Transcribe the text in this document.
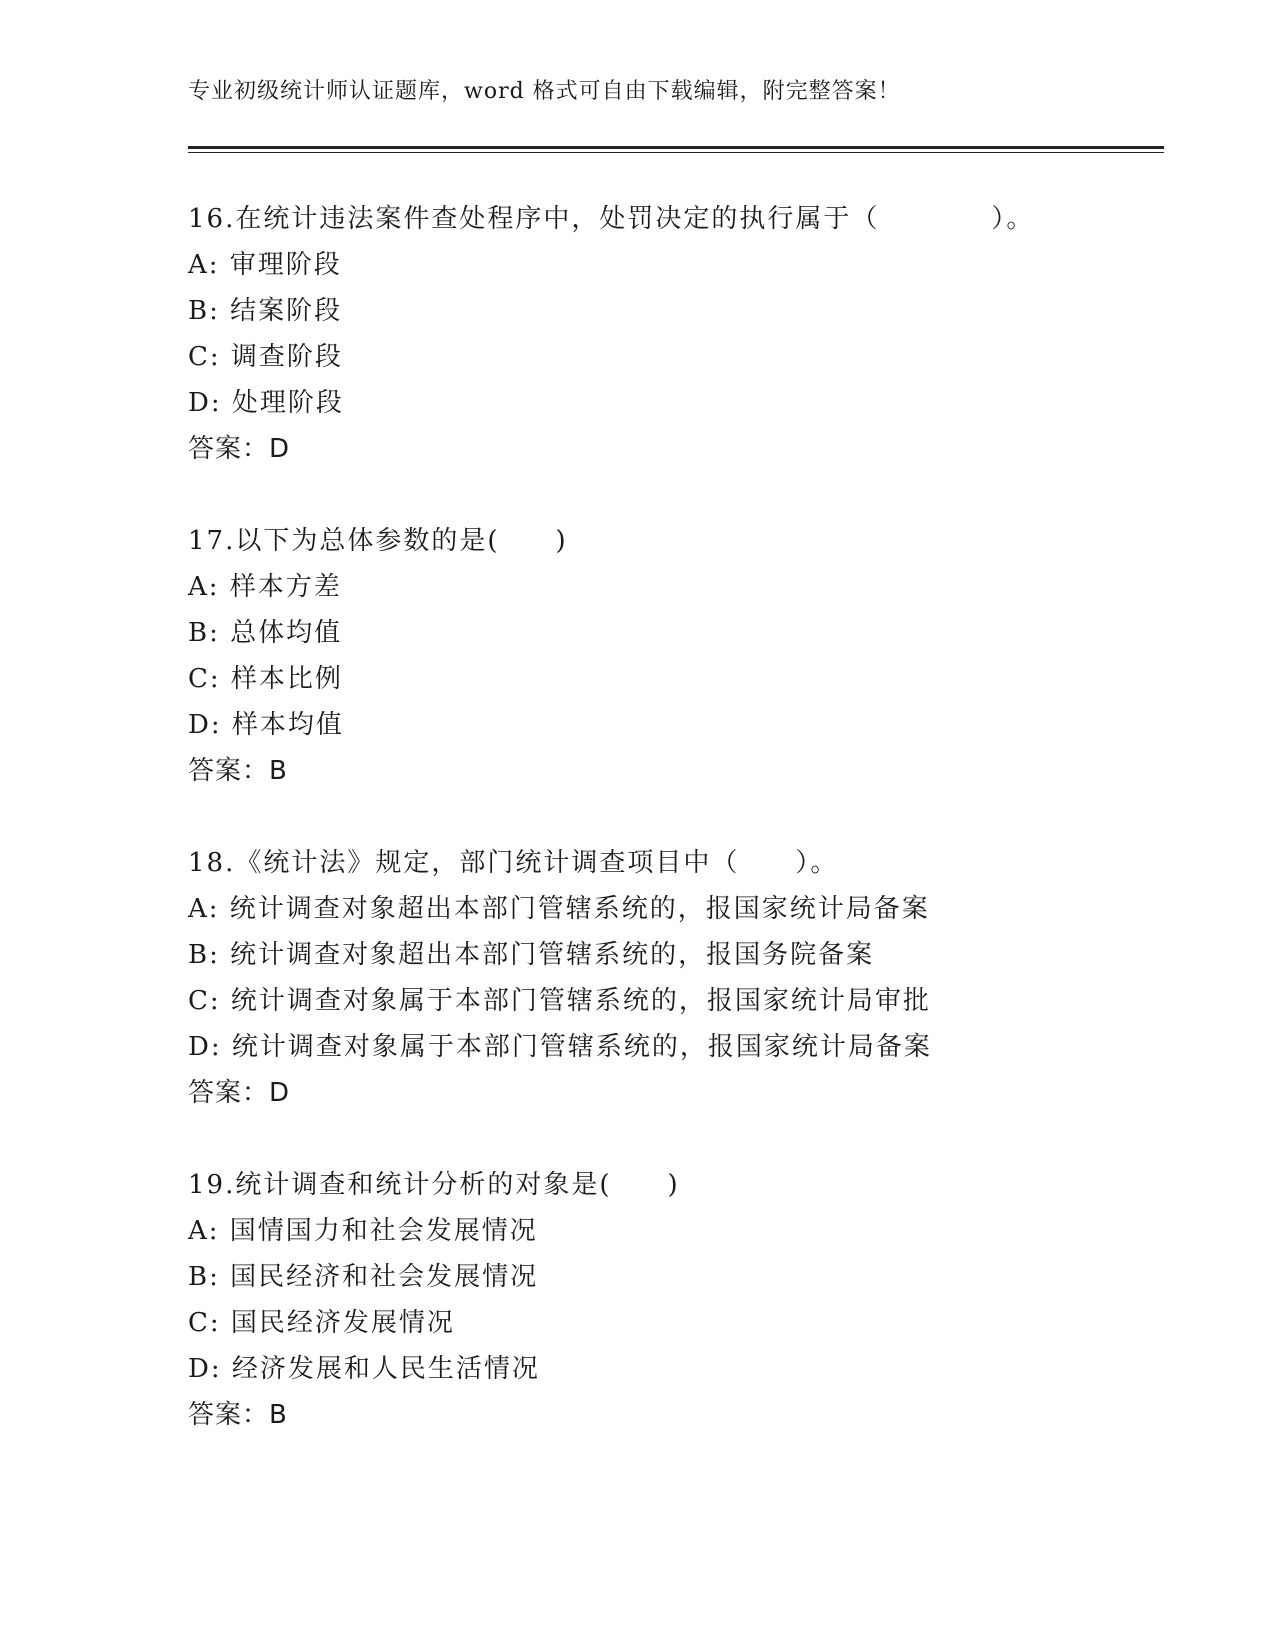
专业初级统计师认证题库，word 格式可自由下载编辑，附完整答案！
16.在统计违法案件查处程序中，处罚决定的执行属于（　　　　）。
A: 审理阶段
B: 结案阶段
C: 调查阶段
D: 处理阶段
答案：D
17.以下为总体参数的是(　　)
A: 样本方差
B: 总体均值
C: 样本比例
D: 样本均值
答案：B
18.《统计法》规定，部门统计调查项目中（　　）。
A: 统计调查对象超出本部门管辖系统的，报国家统计局备案
B: 统计调查对象超出本部门管辖系统的，报国务院备案
C: 统计调查对象属于本部门管辖系统的，报国家统计局审批
D: 统计调查对象属于本部门管辖系统的，报国家统计局备案
答案：D
19.统计调查和统计分析的对象是(　　)
A: 国情国力和社会发展情况
B: 国民经济和社会发展情况
C: 国民经济发展情况
D: 经济发展和人民生活情况
答案：B
